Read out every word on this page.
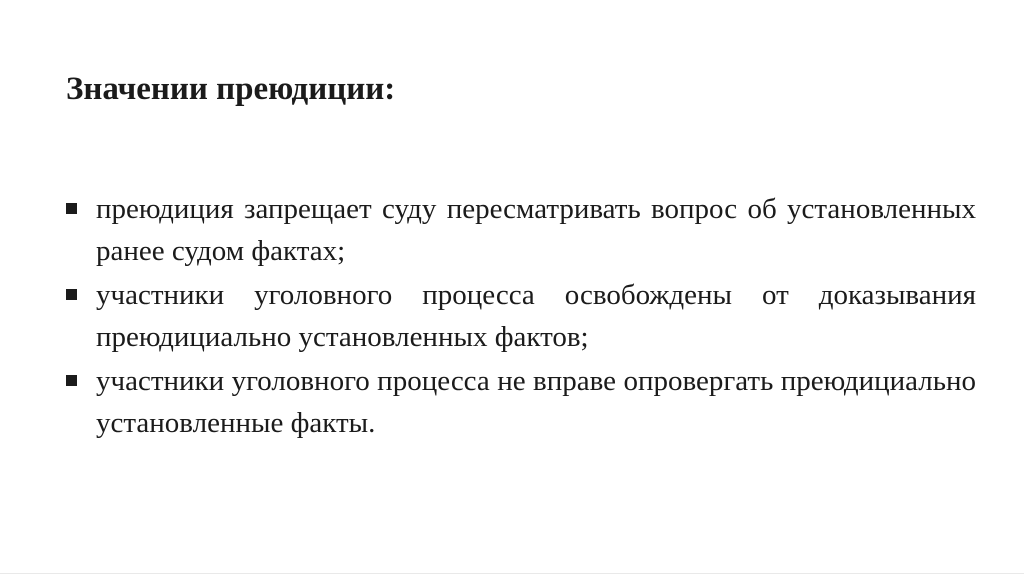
Значении преюдиции:
преюдиция запрещает суду пересматривать вопрос об установленных ранее судом фактах;
участники уголовного процесса освобождены от доказывания преюдициально установленных фактов;
участники уголовного процесса не вправе опровергать преюдициально установленные факты.
